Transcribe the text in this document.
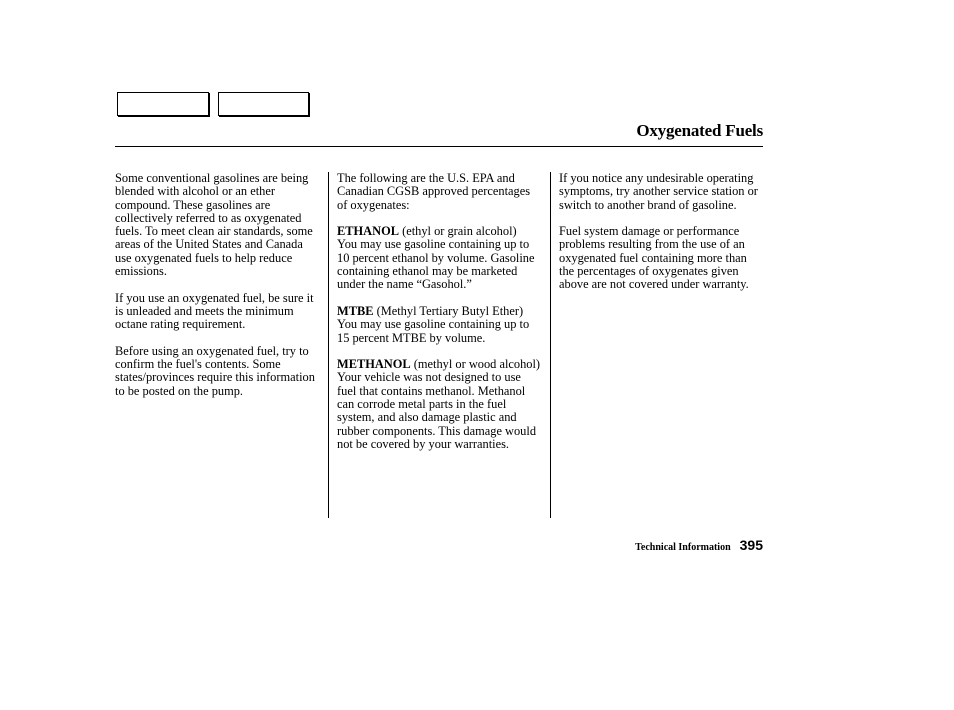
Oxygenated Fuels

Some conventional gasolines are being blended with alcohol or an ether compound. These gasolines are collectively referred to as oxygenated fuels. To meet clean air standards, some areas of the United States and Canada use oxygenated fuels to help reduce emissions.

If you use an oxygenated fuel, be sure it is unleaded and meets the minimum octane rating requirement.

Before using an oxygenated fuel, try to confirm the fuel's contents. Some states/provinces require this information to be posted on the pump.

The following are the U.S. EPA and Canadian CGSB approved percentages of oxygenates:

ETHANOL (ethyl or grain alcohol)
You may use gasoline containing up to 10 percent ethanol by volume. Gasoline containing ethanol may be marketed under the name “Gasohol.”

MTBE (Methyl Tertiary Butyl Ether)
You may use gasoline containing up to 15 percent MTBE by volume.

METHANOL (methyl or wood alcohol)
Your vehicle was not designed to use fuel that contains methanol. Methanol can corrode metal parts in the fuel system, and also damage plastic and rubber components. This damage would not be covered by your warranties.

If you notice any undesirable operating symptoms, try another service station or switch to another brand of gasoline.

Fuel system damage or performance problems resulting from the use of an oxygenated fuel containing more than the percentages of oxygenates given above are not covered under warranty.

Technical Information 395
